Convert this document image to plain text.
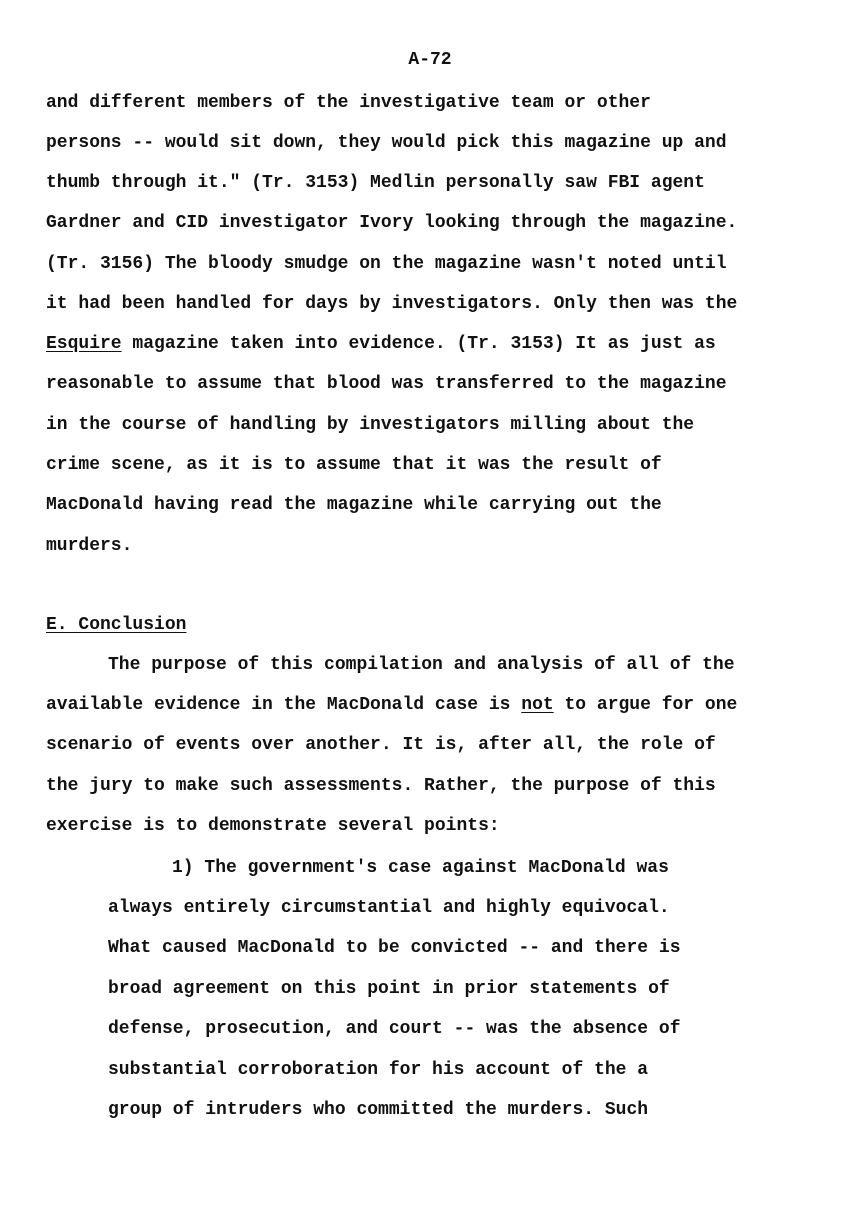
A-72
and different members of the investigative team or other
persons -- would sit down, they would pick this magazine up and
thumb through it." (Tr. 3153) Medlin personally saw FBI agent
Gardner and CID investigator Ivory looking through the magazine.
(Tr. 3156) The bloody smudge on the magazine wasn't noted until
it had been handled for days by investigators. Only then was the
Esquire magazine taken into evidence. (Tr. 3153) It as just as
reasonable to assume that blood was transferred to the magazine
in the course of handling by investigators milling about the
crime scene, as it is to assume that it was the result of
MacDonald having read the magazine while carrying out the
murders.
E. Conclusion
The purpose of this compilation and analysis of all of the
available evidence in the MacDonald case is not to argue for one
scenario of events over another. It is, after all, the role of
the jury to make such assessments. Rather, the purpose of this
exercise is to demonstrate several points:
1) The government's case against MacDonald was
always entirely circumstantial and highly equivocal.
What caused MacDonald to be convicted -- and there is
broad agreement on this point in prior statements of
defense, prosecution, and court -- was the absence of
substantial corroboration for his account of the a
group of intruders who committed the murders. Such
